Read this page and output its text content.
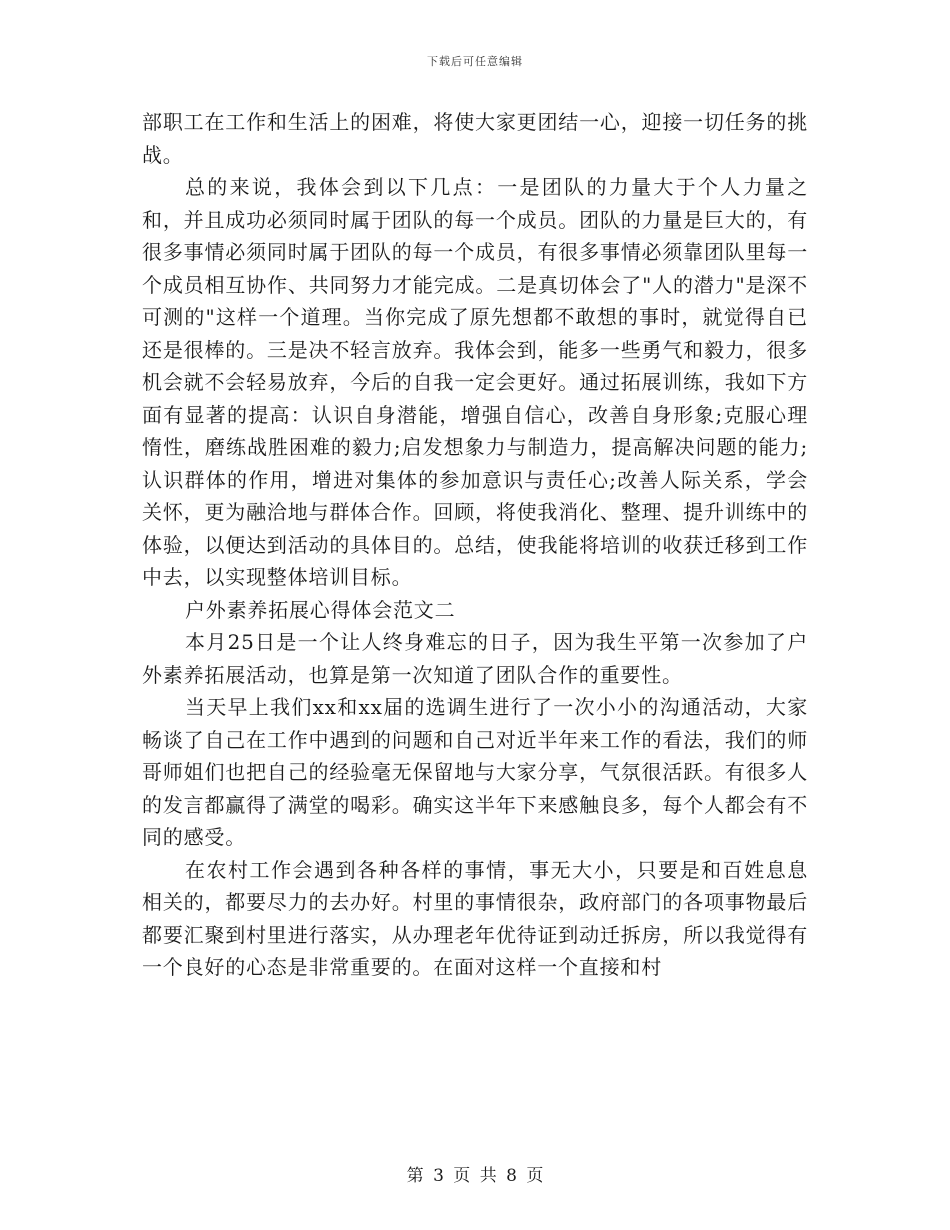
下载后可任意编辑

部职工在工作和生活上的困难，将使大家更团结一心，迎接一切任务的挑战。

总的来说，我体会到以下几点：一是团队的力量大于个人力量之和，并且成功必须同时属于团队的每一个成员。团队的力量是巨大的，有很多事情必须同时属于团队的每一个成员，有很多事情必须靠团队里每一个成员相互协作、共同努力才能完成。二是真切体会了"人的潜力"是深不可测的"这样一个道理。当你完成了原先想都不敢想的事时，就觉得自已还是很棒的。三是决不轻言放弃。我体会到，能多一些勇气和毅力，很多机会就不会轻易放弃，今后的自我一定会更好。通过拓展训练，我如下方面有显著的提高：认识自身潜能，增强自信心，改善自身形象;克服心理惰性，磨练战胜困难的毅力;启发想象力与制造力，提高解决问题的能力;认识群体的作用，增进对集体的参加意识与责任心;改善人际关系，学会关怀，更为融洽地与群体合作。回顾，将使我消化、整理、提升训练中的体验，以便达到活动的具体目的。总结，使我能将培训的收获迁移到工作中去，以实现整体培训目标。

户外素养拓展心得体会范文二

本月25日是一个让人终身难忘的日子，因为我生平第一次参加了户外素养拓展活动，也算是第一次知道了团队合作的重要性。

当天早上我们xx和xx届的选调生进行了一次小小的沟通活动，大家畅谈了自己在工作中遇到的问题和自己对近半年来工作的看法，我们的师哥师姐们也把自己的经验毫无保留地与大家分享，气氛很活跃。有很多人的发言都赢得了满堂的喝彩。确实这半年下来感触良多，每个人都会有不同的感受。

在农村工作会遇到各种各样的事情，事无大小，只要是和百姓息息相关的，都要尽力的去办好。村里的事情很杂，政府部门的各项事物最后都要汇聚到村里进行落实，从办理老年优待证到动迁拆房，所以我觉得有一个良好的心态是非常重要的。在面对这样一个直接和村

第 3 页 共 8 页
